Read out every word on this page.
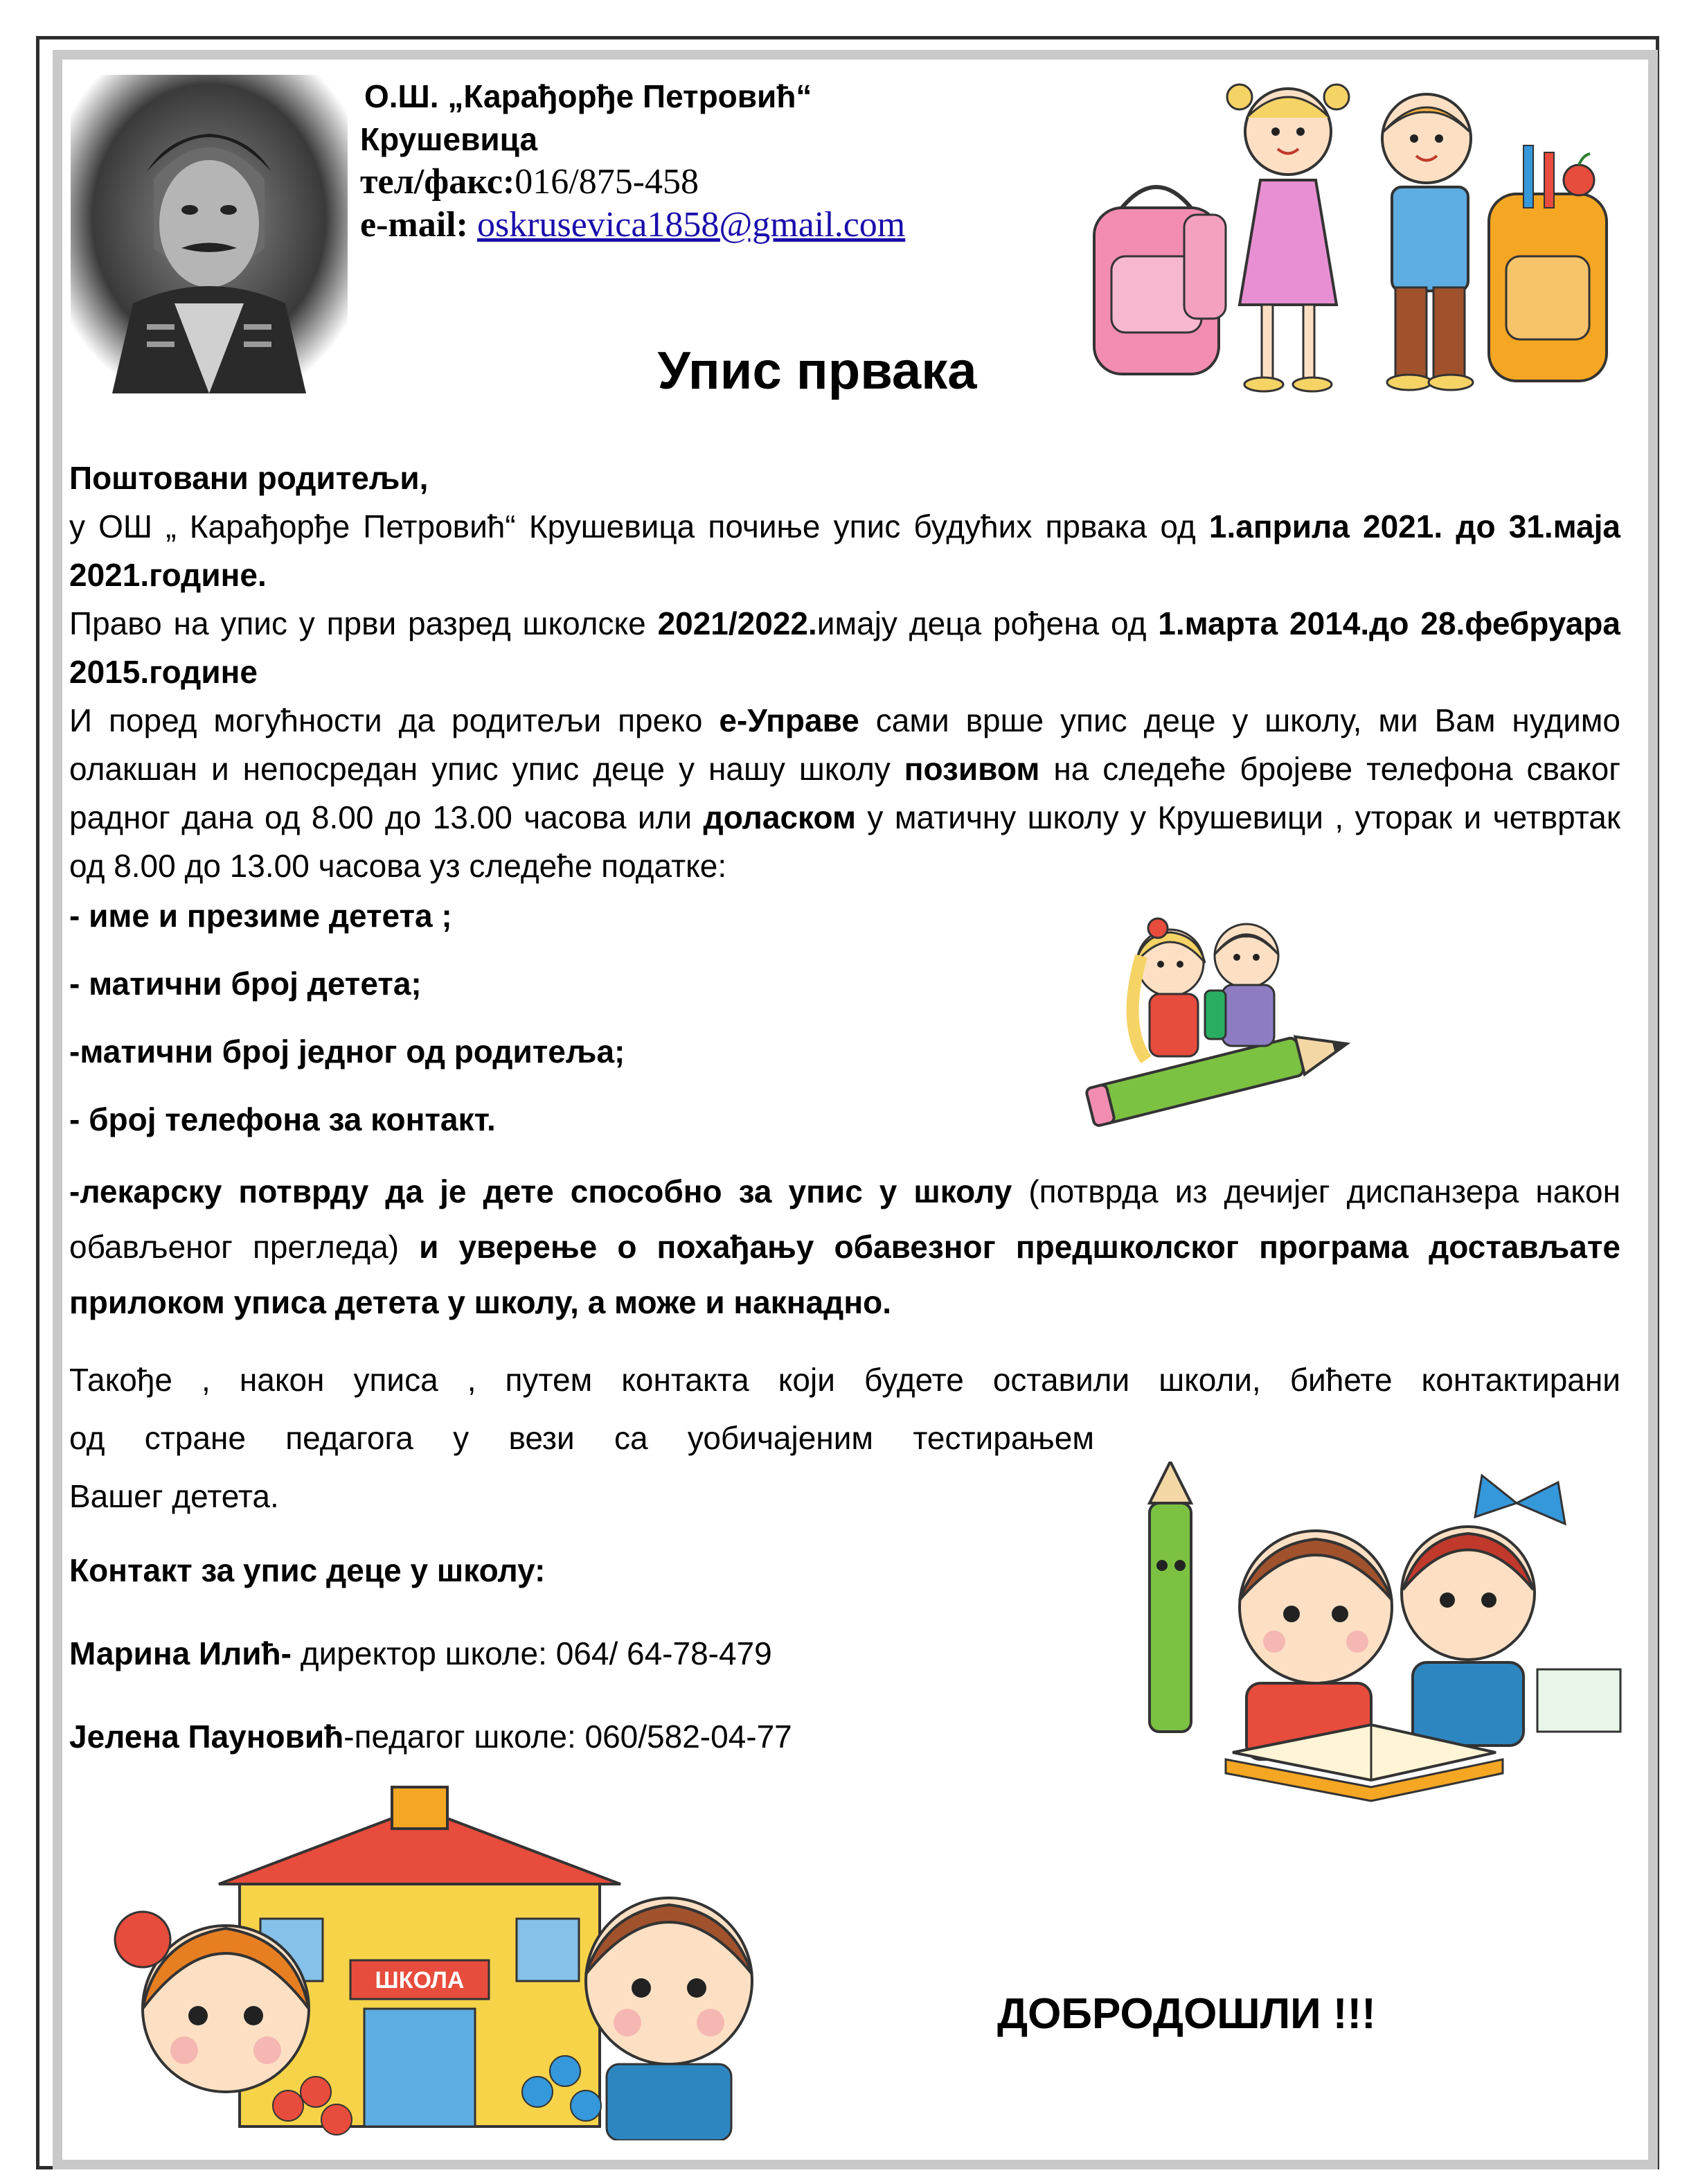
О.Ш. „Карађорђе Петровић“
Крушевица
тел/факс:016/875-458
e-mail: oskrusevica1858@gmail.com
Упис првака

Поштовани родитељи,

у ОШ „ Карађорђе Петровић“ Крушевица почиње упис будућих првака од 1.априла 2021. до 31.маја 2021.године.

Право на упис у први разред школске 2021/2022.имају деца рођена од 1.марта 2014.до 28.фебруара 2015.године

И поред могућности да родитељи преко е-Управе сами врше упис деце у школу, ми Вам нудимо олакшан и непосредан упис упис деце у нашу школу позивом на следеће бројеве телефона сваког радног дана од 8.00 до 13.00 часова или доласком у матичну школу у Крушевици , уторак и четвртак од 8.00 до 13.00 часова уз следеће податке:

- име и презиме детета ;
- матични број детета;
-матични број једног од родитеља;
- број телефона за контакт.
-лекарску потврду да је дете способно за упис у школу (потврда из дечијег диспанзера након обављеног прегледа) и уверење о похађању обавезног предшколског програма достављате прилоком уписа детета у школу, а може и накнадно.
Такође , након уписа , путем контакта који будете оставили школи, бићете контактирани
од стране педагога у вези са уобичајеним тестирањем
Вашег детета.
Контакт за упис деце у школу:
Марина Илић- директор школе: 064/ 64-78-479
Јелена Пауновић-педагог школе: 060/582-04-77
ШКОЛА
ДОБРОДОШЛИ !!!
